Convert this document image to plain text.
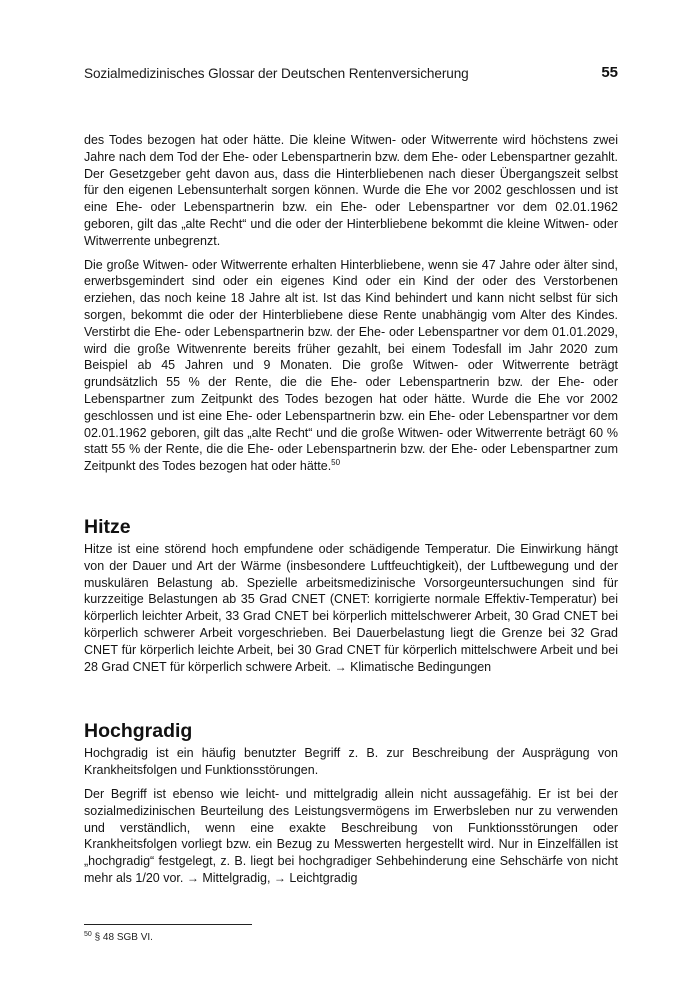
Sozialmedizinisches Glossar der Deutschen Rentenversicherung	55

des Todes bezogen hat oder hätte. Die kleine Witwen- oder Witwerrente wird höchstens zwei Jahre nach dem Tod der Ehe- oder Lebenspartnerin bzw. dem Ehe- oder Lebenspartner gezahlt. Der Gesetzgeber geht davon aus, dass die Hinterbliebenen nach dieser Übergangszeit selbst für den eigenen Lebensunterhalt sorgen können. Wurde die Ehe vor 2002 geschlossen und ist eine Ehe- oder Lebenspartnerin bzw. ein Ehe- oder Lebenspartner vor dem 02.01.1962 geboren, gilt das „alte Recht“ und die oder der Hinterbliebene bekommt die kleine Witwen- oder Witwerrente unbegrenzt.

Die große Witwen- oder Witwerrente erhalten Hinterbliebene, wenn sie 47 Jahre oder älter sind, erwerbsgemindert sind oder ein eigenes Kind oder ein Kind der oder des Verstorbenen erziehen, das noch keine 18 Jahre alt ist. Ist das Kind behindert und kann nicht selbst für sich sorgen, bekommt die oder der Hinterbliebene diese Rente unabhängig vom Alter des Kindes. Verstirbt die Ehe- oder Lebenspartnerin bzw. der Ehe- oder Lebenspartner vor dem 01.01.2029, wird die große Witwenrente bereits früher gezahlt, bei einem Todesfall im Jahr 2020 zum Beispiel ab 45 Jahren und 9 Monaten. Die große Witwen- oder Witwerrente beträgt grundsätzlich 55 % der Rente, die die Ehe- oder Lebenspartnerin bzw. der Ehe- oder Lebenspartner zum Zeitpunkt des Todes bezogen hat oder hätte. Wurde die Ehe vor 2002 geschlossen und ist eine Ehe- oder Lebenspartnerin bzw. ein Ehe- oder Lebenspartner vor dem 02.01.1962 geboren, gilt das „alte Recht“ und die große Witwen- oder Witwerrente beträgt 60 % statt 55 % der Rente, die die Ehe- oder Lebenspartnerin bzw. der Ehe- oder Lebenspartner zum Zeitpunkt des Todes bezogen hat oder hätte.$^{50}$

Hitze

Hitze ist eine störend hoch empfundene oder schädigende Temperatur. Die Einwirkung hängt von der Dauer und Art der Wärme (insbesondere Luftfeuchtigkeit), der Luftbewegung und der muskulären Belastung ab. Spezielle arbeitsmedizinische Vorsorgeuntersuchungen sind für kurzzeitige Belastungen ab 35 Grad CNET (CNET: korrigierte normale Effektiv-Temperatur) bei körperlich leichter Arbeit, 33 Grad CNET bei körperlich mittelschwerer Arbeit, 30 Grad CNET bei körperlich schwerer Arbeit vorgeschrieben. Bei Dauerbelastung liegt die Grenze bei 32 Grad CNET für körperlich leichte Arbeit, bei 30 Grad CNET für körperlich mittelschwere Arbeit und bei 28 Grad CNET für körperlich schwere Arbeit. → Klimatische Bedingungen

Hochgradig

Hochgradig ist ein häufig benutzter Begriff z. B. zur Beschreibung der Ausprägung von Krankheitsfolgen und Funktionsstörungen.

Der Begriff ist ebenso wie leicht- und mittelgradig allein nicht aussagefähig. Er ist bei der sozialmedizinischen Beurteilung des Leistungsvermögens im Erwerbsleben nur zu verwenden und verständlich, wenn eine exakte Beschreibung von Funktionsstörungen oder Krankheitsfolgen vorliegt bzw. ein Bezug zu Messwerten hergestellt wird. Nur in Einzelfällen ist „hochgradig“ festgelegt, z. B. liegt bei hochgradiger Sehbehinderung eine Sehschärfe von nicht mehr als 1/20 vor. → Mittelgradig, → Leichtgradig

$^{50}$ § 48 SGB VI.
